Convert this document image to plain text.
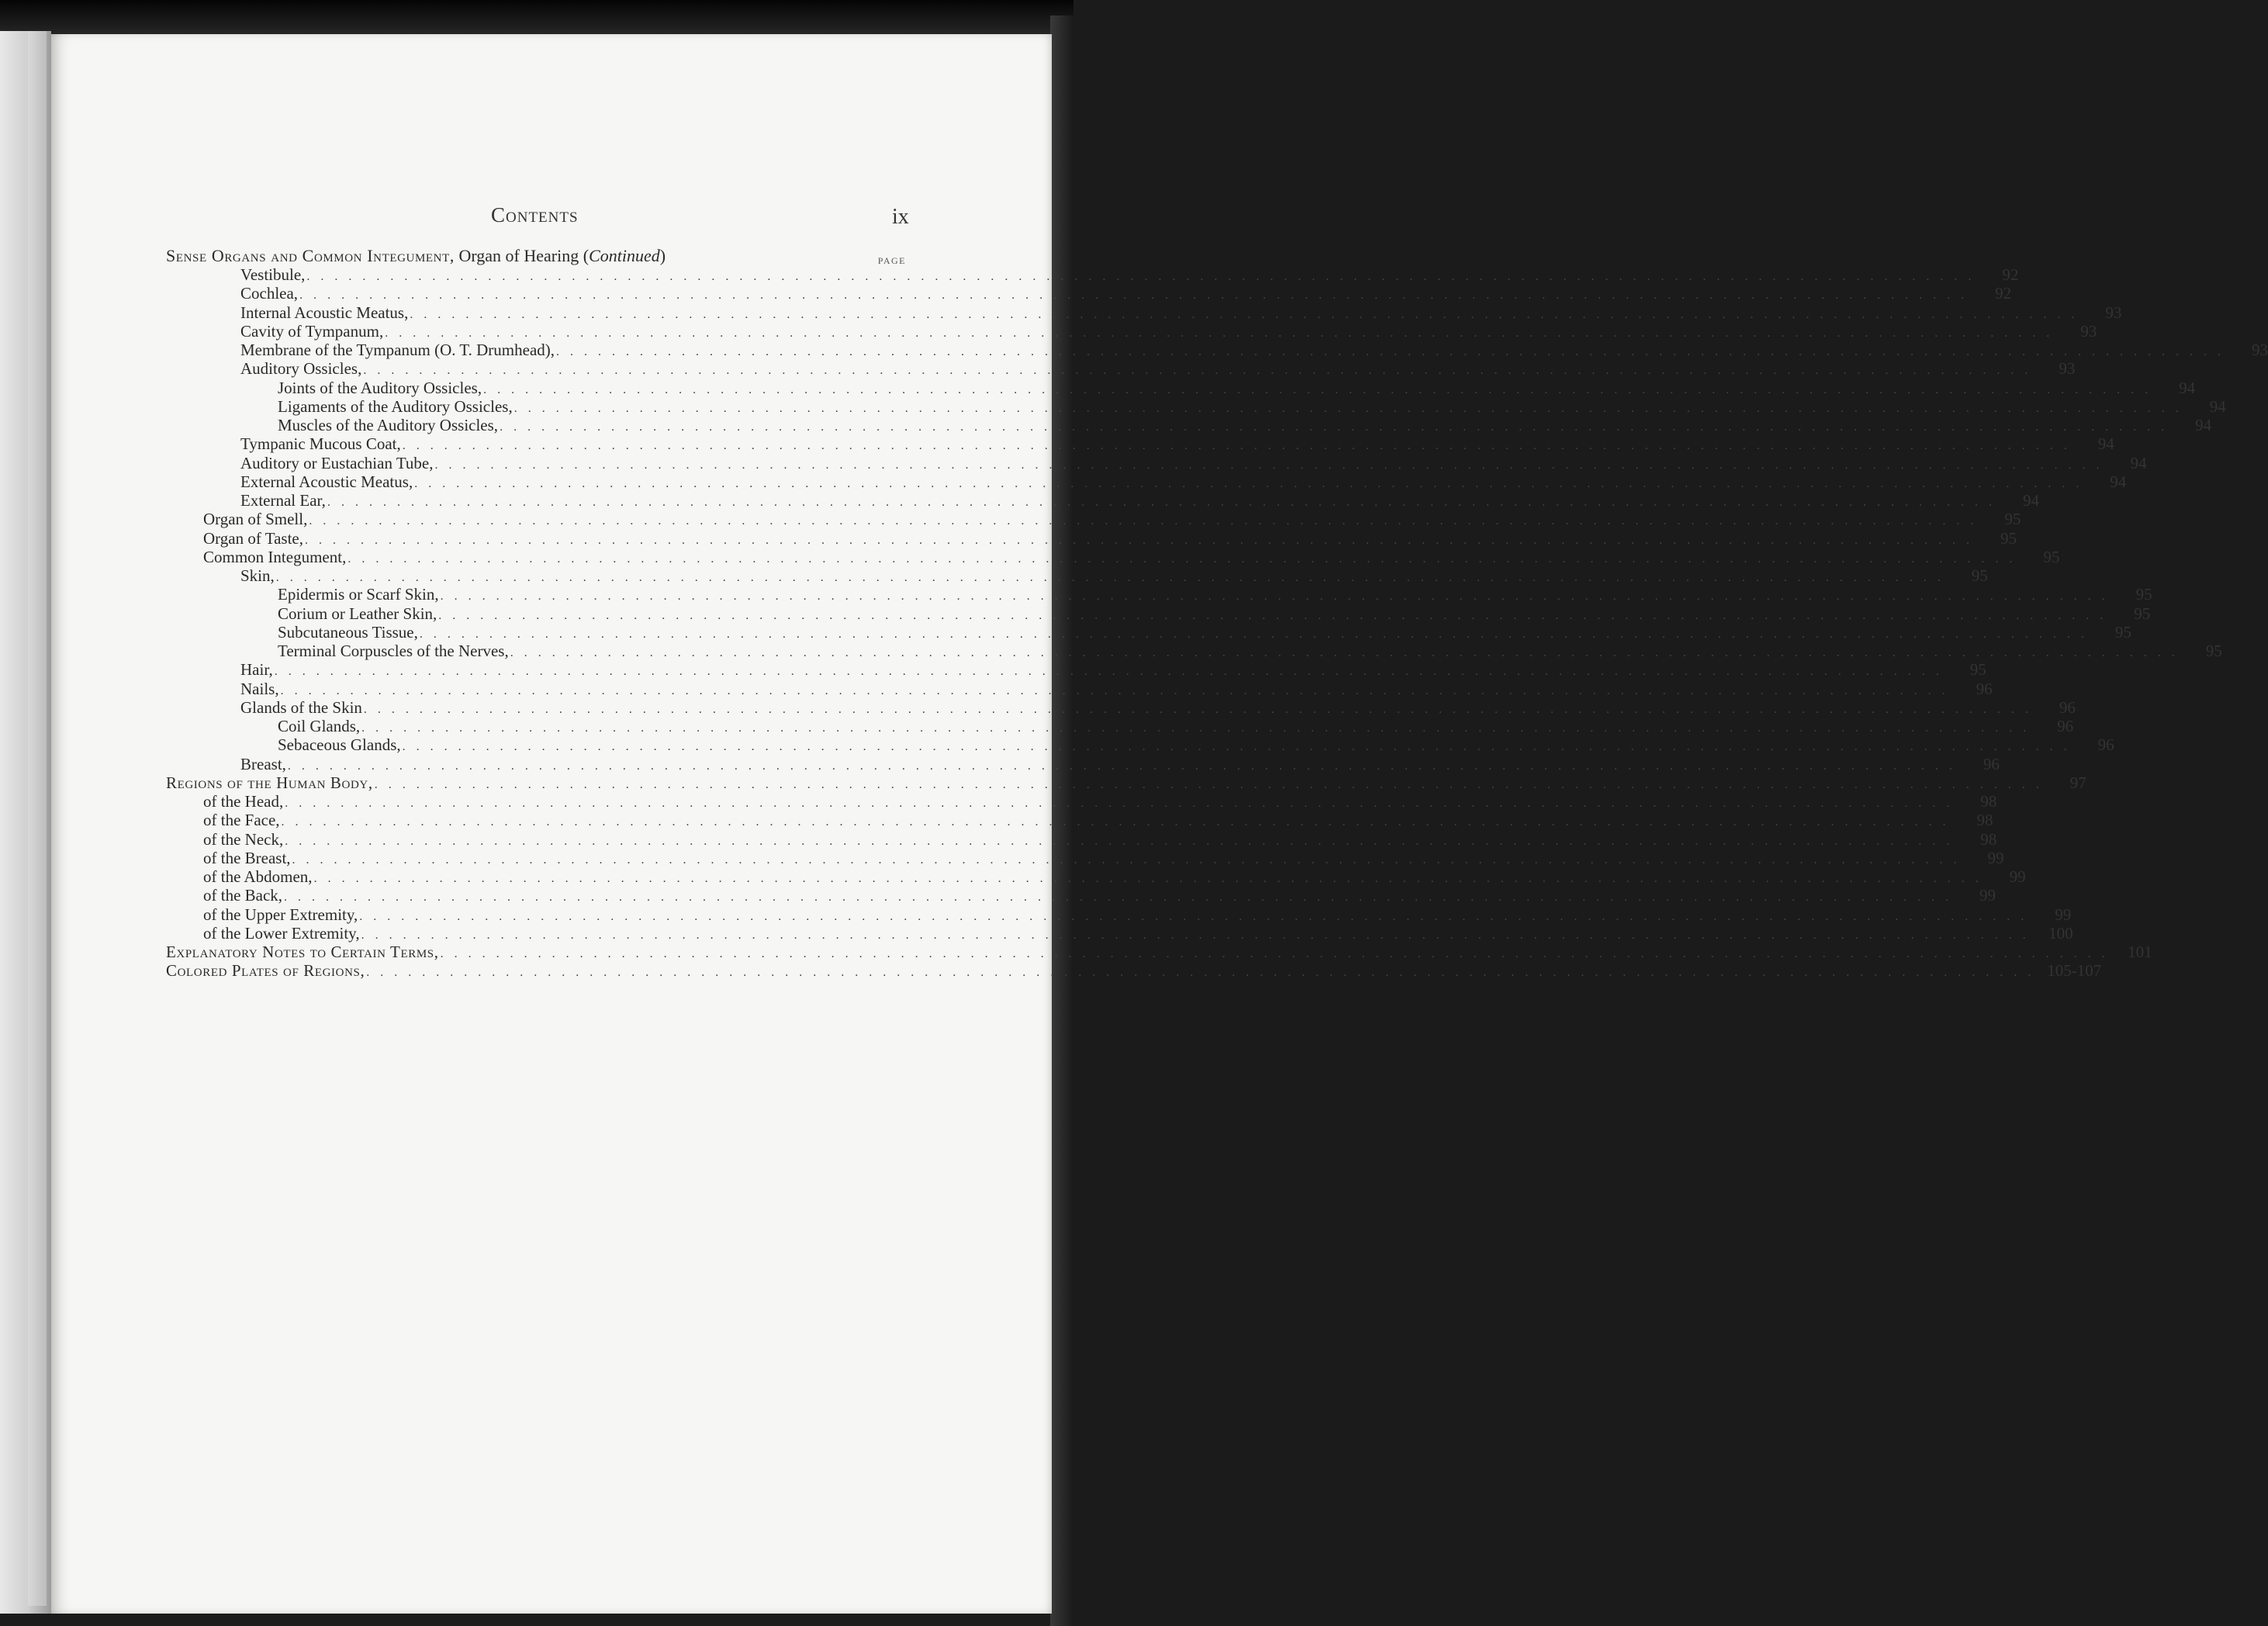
Contents	ix
Sense Organs and Common Integument, Organ of Hearing (Continued)	PAGE
Vestibule, . . . . . . . . . . . . . . . . . . . . . . . . . . . . . . . . . . . . . . . . . . . . . . . . . . . . . . . . . . . . . . . . . . . . . . . . . . . . . . . . . . . . . . . . . . . . . . . . . . . . . . . . . . . . . . . . . . . . . . . .	92
Cochlea, . . . . . . . . . . . . . . . . . . . . . . . . . . . . . . . . . . . . . . . . . . . . . . . . . . . . . . . . . . . . . . . . . . . . . . . . . . . . . . . . . . . . . . . . . . . . . . . . . . . . . . . . . . . . . . . . . . . . . . . .	92
Internal Acoustic Meatus, . . . . . . . . . . . . . . . . . . . . . . . . . . . . . . . . . . . . . . . . . . . . . . . . . . . . . . . . . . . . . . . . . . . . . . . . . . . . . . . . . . . . . . . . . . . . . . . . . . . . . . . . . . . . . . . . . . . . . . . .	93
Cavity of Tympanum, . . . . . . . . . . . . . . . . . . . . . . . . . . . . . . . . . . . . . . . . . . . . . . . . . . . . . . . . . . . . . . . . . . . . . . . . . . . . . . . . . . . . . . . . . . . . . . . . . . . . . . . . . . . . . . . . . . . . . . . .	93
Membrane of the Tympanum (O. T. Drumhead), . . . . . . . . . . . . . . . . . . . . . . . . . . . . . . . . . . . . . . . . . . . . . . . . . . . . . . . . . . . . . . . . . . . . . . . . . . . . . . . . . . . . . . . . . . . . . . . . . . . . . . . . . . . . . . . . . . . . . . . .	93
Auditory Ossicles, . . . . . . . . . . . . . . . . . . . . . . . . . . . . . . . . . . . . . . . . . . . . . . . . . . . . . . . . . . . . . . . . . . . . . . . . . . . . . . . . . . . . . . . . . . . . . . . . . . . . . . . . . . . . . . . . . . . . . . . .	93
Joints of the Auditory Ossicles, . . . . . . . . . . . . . . . . . . . . . . . . . . . . . . . . . . . . . . . . . . . . . . . . . . . . . . . . . . . . . . . . . . . . . . . . . . . . . . . . . . . . . . . . . . . . . . . . . . . . . . . . . . . . . . . . . . . . . . . .	94
Ligaments of the Auditory Ossicles, . . . . . . . . . . . . . . . . . . . . . . . . . . . . . . . . . . . . . . . . . . . . . . . . . . . . . . . . . . . . . . . . . . . . . . . . . . . . . . . . . . . . . . . . . . . . . . . . . . . . . . . . . . . . . . . . . . . . . . . .	94
Muscles of the Auditory Ossicles, . . . . . . . . . . . . . . . . . . . . . . . . . . . . . . . . . . . . . . . . . . . . . . . . . . . . . . . . . . . . . . . . . . . . . . . . . . . . . . . . . . . . . . . . . . . . . . . . . . . . . . . . . . . . . . . . . . . . . . . .	94
Tympanic Mucous Coat, . . . . . . . . . . . . . . . . . . . . . . . . . . . . . . . . . . . . . . . . . . . . . . . . . . . . . . . . . . . . . . . . . . . . . . . . . . . . . . . . . . . . . . . . . . . . . . . . . . . . . . . . . . . . . . . . . . . . . . . .	94
Auditory or Eustachian Tube, . . . . . . . . . . . . . . . . . . . . . . . . . . . . . . . . . . . . . . . . . . . . . . . . . . . . . . . . . . . . . . . . . . . . . . . . . . . . . . . . . . . . . . . . . . . . . . . . . . . . . . . . . . . . . . . . . . . . . . . .	94
External Acoustic Meatus, . . . . . . . . . . . . . . . . . . . . . . . . . . . . . . . . . . . . . . . . . . . . . . . . . . . . . . . . . . . . . . . . . . . . . . . . . . . . . . . . . . . . . . . . . . . . . . . . . . . . . . . . . . . . . . . . . . . . . . . .	94
External Ear, . . . . . . . . . . . . . . . . . . . . . . . . . . . . . . . . . . . . . . . . . . . . . . . . . . . . . . . . . . . . . . . . . . . . . . . . . . . . . . . . . . . . . . . . . . . . . . . . . . . . . . . . . . . . . . . . . . . . . . . .	94
Organ of Smell, . . . . . . . . . . . . . . . . . . . . . . . . . . . . . . . . . . . . . . . . . . . . . . . . . . . . . . . . . . . . . . . . . . . . . . . . . . . . . . . . . . . . . . . . . . . . . . . . . . . . . . . . . . . . . . . . . . . . . . . .	95
Organ of Taste, . . . . . . . . . . . . . . . . . . . . . . . . . . . . . . . . . . . . . . . . . . . . . . . . . . . . . . . . . . . . . . . . . . . . . . . . . . . . . . . . . . . . . . . . . . . . . . . . . . . . . . . . . . . . . . . . . . . . . . . .	95
Common Integument, . . . . . . . . . . . . . . . . . . . . . . . . . . . . . . . . . . . . . . . . . . . . . . . . . . . . . . . . . . . . . . . . . . . . . . . . . . . . . . . . . . . . . . . . . . . . . . . . . . . . . . . . . . . . . . . . . . . . . . . .	95
Skin, . . . . . . . . . . . . . . . . . . . . . . . . . . . . . . . . . . . . . . . . . . . . . . . . . . . . . . . . . . . . . . . . . . . . . . . . . . . . . . . . . . . . . . . . . . . . . . . . . . . . . . . . . . . . . . . . . . . . . . . .	95
Epidermis or Scarf Skin, . . . . . . . . . . . . . . . . . . . . . . . . . . . . . . . . . . . . . . . . . . . . . . . . . . . . . . . . . . . . . . . . . . . . . . . . . . . . . . . . . . . . . . . . . . . . . . . . . . . . . . . . . . . . . . . . . . . . . . . .	95
Corium or Leather Skin, . . . . . . . . . . . . . . . . . . . . . . . . . . . . . . . . . . . . . . . . . . . . . . . . . . . . . . . . . . . . . . . . . . . . . . . . . . . . . . . . . . . . . . . . . . . . . . . . . . . . . . . . . . . . . . . . . . . . . . . .	95
Subcutaneous Tissue, . . . . . . . . . . . . . . . . . . . . . . . . . . . . . . . . . . . . . . . . . . . . . . . . . . . . . . . . . . . . . . . . . . . . . . . . . . . . . . . . . . . . . . . . . . . . . . . . . . . . . . . . . . . . . . . . . . . . . . . .	95
Terminal Corpuscles of the Nerves, . . . . . . . . . . . . . . . . . . . . . . . . . . . . . . . . . . . . . . . . . . . . . . . . . . . . . . . . . . . . . . . . . . . . . . . . . . . . . . . . . . . . . . . . . . . . . . . . . . . . . . . . . . . . . . . . . . . . . . . .	95
Hair, . . . . . . . . . . . . . . . . . . . . . . . . . . . . . . . . . . . . . . . . . . . . . . . . . . . . . . . . . . . . . . . . . . . . . . . . . . . . . . . . . . . . . . . . . . . . . . . . . . . . . . . . . . . . . . . . . . . . . . . .	95
Nails, . . . . . . . . . . . . . . . . . . . . . . . . . . . . . . . . . . . . . . . . . . . . . . . . . . . . . . . . . . . . . . . . . . . . . . . . . . . . . . . . . . . . . . . . . . . . . . . . . . . . . . . . . . . . . . . . . . . . . . . .	96
Glands of the Skin . . . . . . . . . . . . . . . . . . . . . . . . . . . . . . . . . . . . . . . . . . . . . . . . . . . . . . . . . . . . . . . . . . . . . . . . . . . . . . . . . . . . . . . . . . . . . . . . . . . . . . . . . . . . . . . . . . . . . . . .	96
Coil Glands, . . . . . . . . . . . . . . . . . . . . . . . . . . . . . . . . . . . . . . . . . . . . . . . . . . . . . . . . . . . . . . . . . . . . . . . . . . . . . . . . . . . . . . . . . . . . . . . . . . . . . . . . . . . . . . . . . . . . . . . .	96
Sebaceous Glands, . . . . . . . . . . . . . . . . . . . . . . . . . . . . . . . . . . . . . . . . . . . . . . . . . . . . . . . . . . . . . . . . . . . . . . . . . . . . . . . . . . . . . . . . . . . . . . . . . . . . . . . . . . . . . . . . . . . . . . . .	96
Breast, . . . . . . . . . . . . . . . . . . . . . . . . . . . . . . . . . . . . . . . . . . . . . . . . . . . . . . . . . . . . . . . . . . . . . . . . . . . . . . . . . . . . . . . . . . . . . . . . . . . . . . . . . . . . . . . . . . . . . . . .	96
Regions of the Human Body, . . . . . . . . . . . . . . . . . . . . . . . . . . . . . . . . . . . . . . . . . . . . . . . . . . . . . . . . . . . . . . . . . . . . . . . . . . . . . . . . . . . . . . . . . . . . . . . . . . . . . . . . . . . . . . . . . . . . . . . .	97
of the Head, . . . . . . . . . . . . . . . . . . . . . . . . . . . . . . . . . . . . . . . . . . . . . . . . . . . . . . . . . . . . . . . . . . . . . . . . . . . . . . . . . . . . . . . . . . . . . . . . . . . . . . . . . . . . . . . . . . . . . . . .	98
of the Face, . . . . . . . . . . . . . . . . . . . . . . . . . . . . . . . . . . . . . . . . . . . . . . . . . . . . . . . . . . . . . . . . . . . . . . . . . . . . . . . . . . . . . . . . . . . . . . . . . . . . . . . . . . . . . . . . . . . . . . . .	98
of the Neck, . . . . . . . . . . . . . . . . . . . . . . . . . . . . . . . . . . . . . . . . . . . . . . . . . . . . . . . . . . . . . . . . . . . . . . . . . . . . . . . . . . . . . . . . . . . . . . . . . . . . . . . . . . . . . . . . . . . . . . . .	98
of the Breast, . . . . . . . . . . . . . . . . . . . . . . . . . . . . . . . . . . . . . . . . . . . . . . . . . . . . . . . . . . . . . . . . . . . . . . . . . . . . . . . . . . . . . . . . . . . . . . . . . . . . . . . . . . . . . . . . . . . . . . . .	99
of the Abdomen, . . . . . . . . . . . . . . . . . . . . . . . . . . . . . . . . . . . . . . . . . . . . . . . . . . . . . . . . . . . . . . . . . . . . . . . . . . . . . . . . . . . . . . . . . . . . . . . . . . . . . . . . . . . . . . . . . . . . . . . .	99
of the Back, . . . . . . . . . . . . . . . . . . . . . . . . . . . . . . . . . . . . . . . . . . . . . . . . . . . . . . . . . . . . . . . . . . . . . . . . . . . . . . . . . . . . . . . . . . . . . . . . . . . . . . . . . . . . . . . . . . . . . . . .	99
of the Upper Extremity, . . . . . . . . . . . . . . . . . . . . . . . . . . . . . . . . . . . . . . . . . . . . . . . . . . . . . . . . . . . . . . . . . . . . . . . . . . . . . . . . . . . . . . . . . . . . . . . . . . . . . . . . . . . . . . . . . . . . . . . .	99
of the Lower Extremity, . . . . . . . . . . . . . . . . . . . . . . . . . . . . . . . . . . . . . . . . . . . . . . . . . . . . . . . . . . . . . . . . . . . . . . . . . . . . . . . . . . . . . . . . . . . . . . . . . . . . . . . . . . . . . . . . . . . . . . . .	100
Explanatory Notes to Certain Terms, . . . . . . . . . . . . . . . . . . . . . . . . . . . . . . . . . . . . . . . . . . . . . . . . . . . . . . . . . . . . . . . . . . . . . . . . . . . . . . . . . . . . . . . . . . . . . . . . . . . . . . . . . . . . . . . . . . . . . . . .	101
Colored Plates of Regions, . . . . . . . . . . . . . . . . . . . . . . . . . . . . . . . . . . . . . . . . . . . . . . . . . . . . . . . . . . . . . . . . . . . . . . . . . . . . . . . . . . . . . . . . . . . . . . . . . . . . . . . . . . . . . . . . . . . . . . . . 105-107
